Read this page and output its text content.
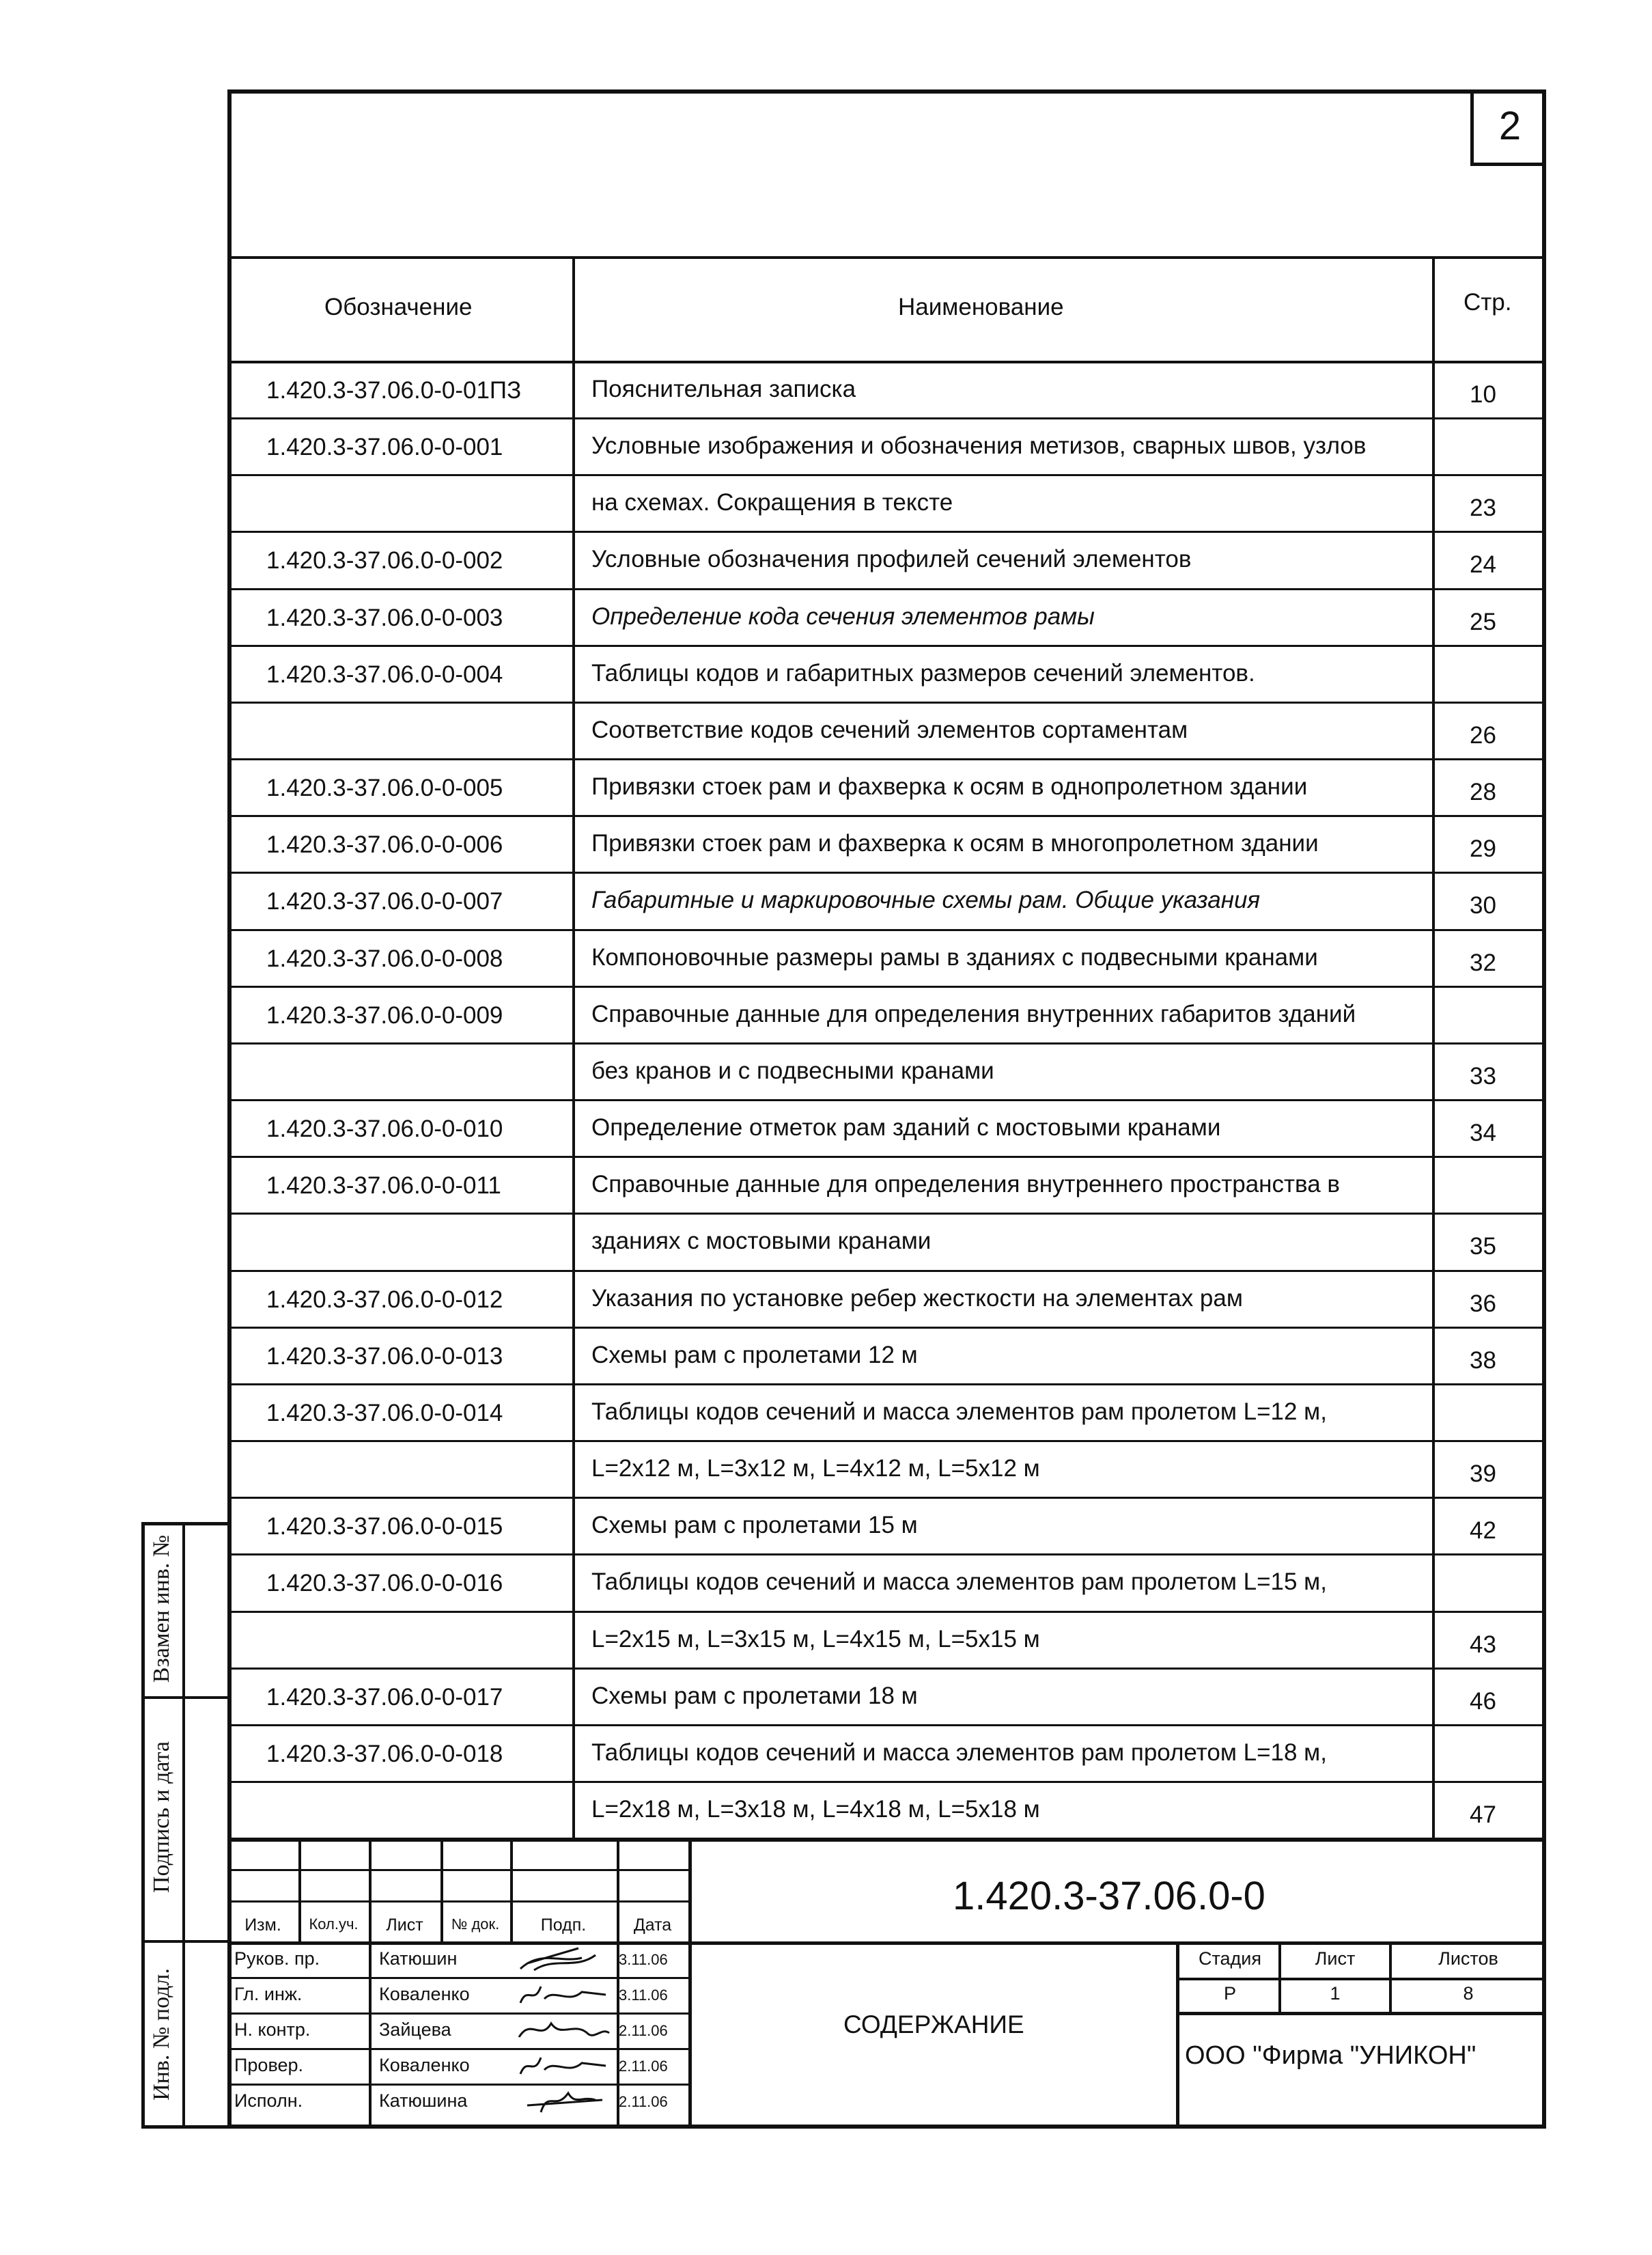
2
Обозначение	Наименование	Стр.
1.420.3-37.06.0-0-01ПЗ	Пояснительная записка	10
1.420.3-37.06.0-0-001	Условные изображения и обозначения метизов, сварных швов, узлов
на схемах. Сокращения в тексте	23
1.420.3-37.06.0-0-002	Условные обозначения профилей сечений элементов	24
1.420.3-37.06.0-0-003	Определение кода сечения элементов рамы	25
1.420.3-37.06.0-0-004	Таблицы кодов и габаритных размеров сечений элементов.
Соответствие кодов сечений элементов сортаментам	26
1.420.3-37.06.0-0-005	Привязки стоек рам и фахверка к осям в однопролетном здании	28
1.420.3-37.06.0-0-006	Привязки стоек рам и фахверка к осям в многопролетном здании	29
1.420.3-37.06.0-0-007	Габаритные и маркировочные схемы рам. Общие указания	30
1.420.3-37.06.0-0-008	Компоновочные размеры рамы в зданиях с подвесными кранами	32
1.420.3-37.06.0-0-009	Справочные данные для определения внутренних габаритов зданий
без кранов и с подвесными кранами	33
1.420.3-37.06.0-0-010	Определение отметок рам зданий с мостовыми кранами	34
1.420.3-37.06.0-0-011	Справочные данные для определения внутреннего пространства в
зданиях с мостовыми кранами	35
1.420.3-37.06.0-0-012	Указания по установке ребер жесткости на элементах рам	36
1.420.3-37.06.0-0-013	Схемы рам с пролетами 12 м	38
1.420.3-37.06.0-0-014	Таблицы кодов сечений и масса элементов рам пролетом L=12 м,
L=2x12 м, L=3x12 м, L=4x12 м, L=5x12 м	39
1.420.3-37.06.0-0-015	Схемы рам с пролетами 15 м	42
1.420.3-37.06.0-0-016	Таблицы кодов сечений и масса элементов рам пролетом L=15 м,
L=2x15 м, L=3x15 м, L=4x15 м, L=5x15 м	43
1.420.3-37.06.0-0-017	Схемы рам с пролетами 18 м	46
1.420.3-37.06.0-0-018	Таблицы кодов сечений и масса элементов рам пролетом L=18 м,
L=2x18 м, L=3x18 м, L=4x18 м, L=5x18 м	47
Взамен инв. №
Подпись и дата
Инв. № подл.
Изм.	Кол.уч.	Лист	№ док.	Подп.	Дата
Руков. пр.	Катюшин	3.11.06
Гл. инж.	Коваленко	3.11.06
Н. контр.	Зайцева	2.11.06
Провер.	Коваленко	2.11.06
Исполн.	Катюшина	2.11.06
1.420.3-37.06.0-0
СОДЕРЖАНИЕ
ООО "Фирма "УНИКОН"
Стадия	Лист	Листов
Р	1	8
